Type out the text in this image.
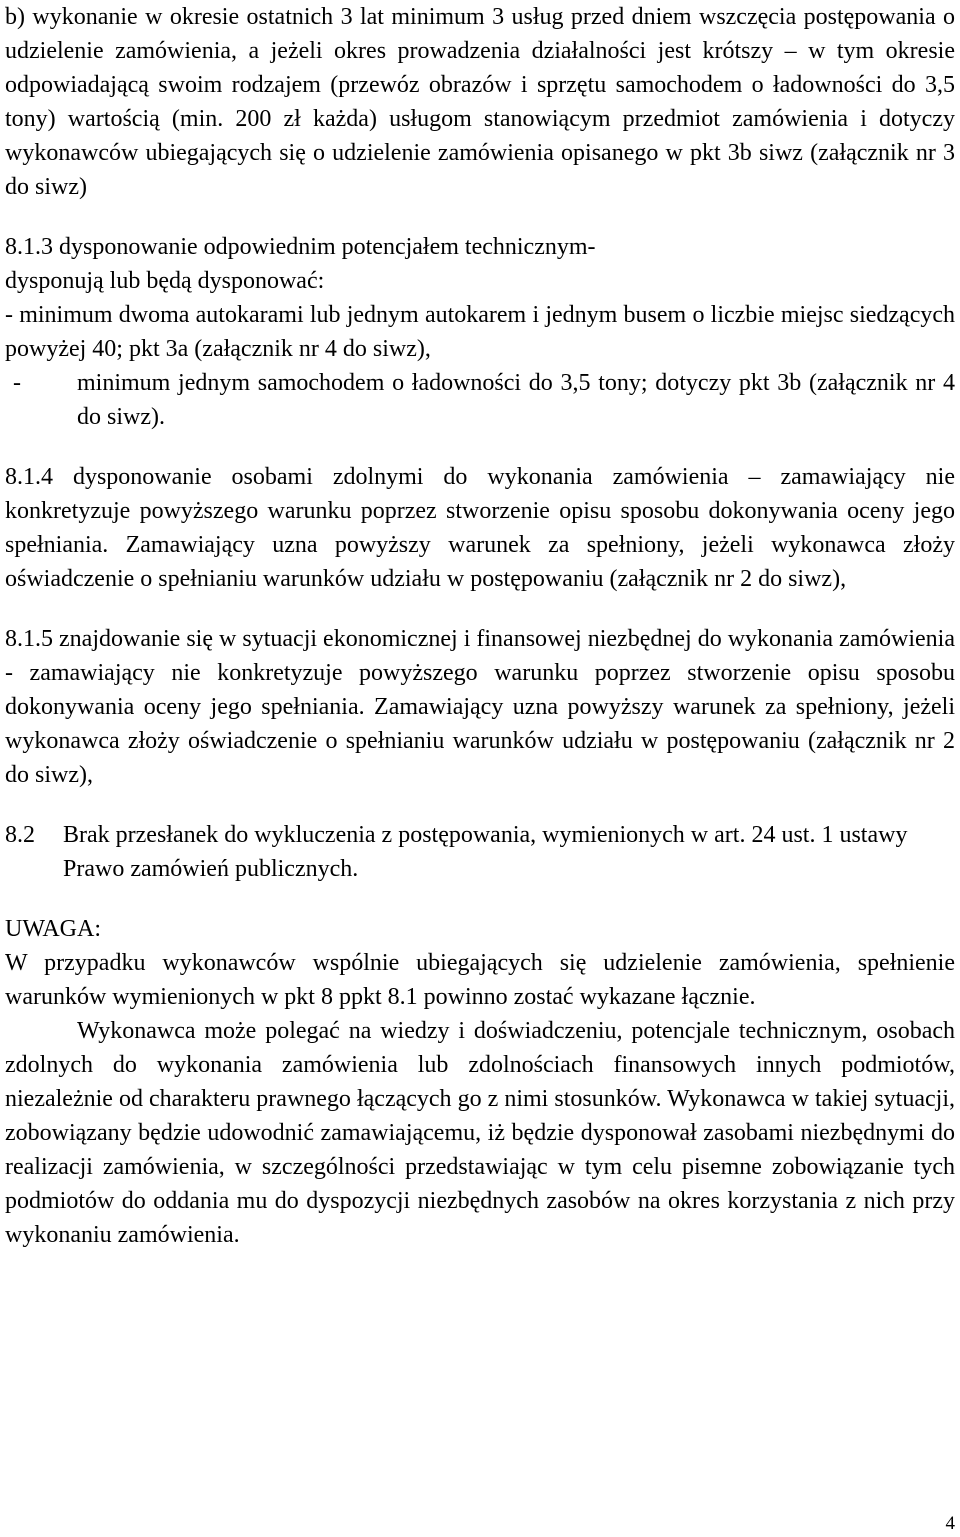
b) wykonanie w okresie ostatnich 3 lat minimum 3 usług przed dniem wszczęcia postępowania o udzielenie zamówienia, a jeżeli okres prowadzenia działalności jest krótszy – w tym okresie odpowiadającą swoim rodzajem (przewóz obrazów i sprzętu samochodem o ładowności do 3,5 tony) wartością (min. 200 zł każda) usługom stanowiącym przedmiot zamówienia i dotyczy wykonawców ubiegających się o udzielenie zamówienia opisanego w pkt 3b siwz (załącznik nr 3 do siwz)

8.1.3 dysponowanie odpowiednim potencjałem technicznym-
dysponują lub będą dysponować:

- minimum dwoma autokarami lub jednym autokarem i jednym busem o liczbie miejsc siedzących powyżej 40; pkt 3a (załącznik nr 4 do siwz),

-	minimum jednym samochodem o ładowności do 3,5 tony; dotyczy pkt 3b (załącznik nr 4 do siwz).

8.1.4 dysponowanie osobami zdolnymi do wykonania zamówienia – zamawiający nie konkretyzuje powyższego warunku poprzez stworzenie opisu sposobu dokonywania oceny jego spełniania. Zamawiający uzna powyższy warunek za spełniony, jeżeli wykonawca złoży oświadczenie o spełnianiu warunków udziału w postępowaniu (załącznik nr 2 do siwz),

8.1.5 znajdowanie się w sytuacji ekonomicznej i finansowej niezbędnej do wykonania zamówienia - zamawiający nie konkretyzuje powyższego warunku poprzez stworzenie opisu sposobu dokonywania oceny jego spełniania. Zamawiający uzna powyższy warunek za spełniony, jeżeli wykonawca złoży oświadczenie o spełnianiu warunków udziału w postępowaniu (załącznik nr 2 do siwz),

8.2	Brak przesłanek do wykluczenia z postępowania, wymienionych w art. 24 ust. 1 ustawy Prawo zamówień publicznych.
UWAGA:

W przypadku wykonawców wspólnie ubiegających się udzielenie zamówienia, spełnienie warunków wymienionych w pkt 8 ppkt 8.1 powinno zostać wykazane łącznie.

Wykonawca może polegać na wiedzy i doświadczeniu, potencjale technicznym, osobach zdolnych do wykonania zamówienia lub zdolnościach finansowych innych podmiotów, niezależnie od charakteru prawnego łączących go z nimi stosunków. Wykonawca w takiej sytuacji, zobowiązany będzie udowodnić zamawiającemu, iż będzie dysponował zasobami niezbędnymi do realizacji zamówienia, w szczególności przedstawiając w tym celu pisemne zobowiązanie tych podmiotów do oddania mu do dyspozycji niezbędnych zasobów na okres korzystania z nich przy wykonaniu zamówienia.

4
